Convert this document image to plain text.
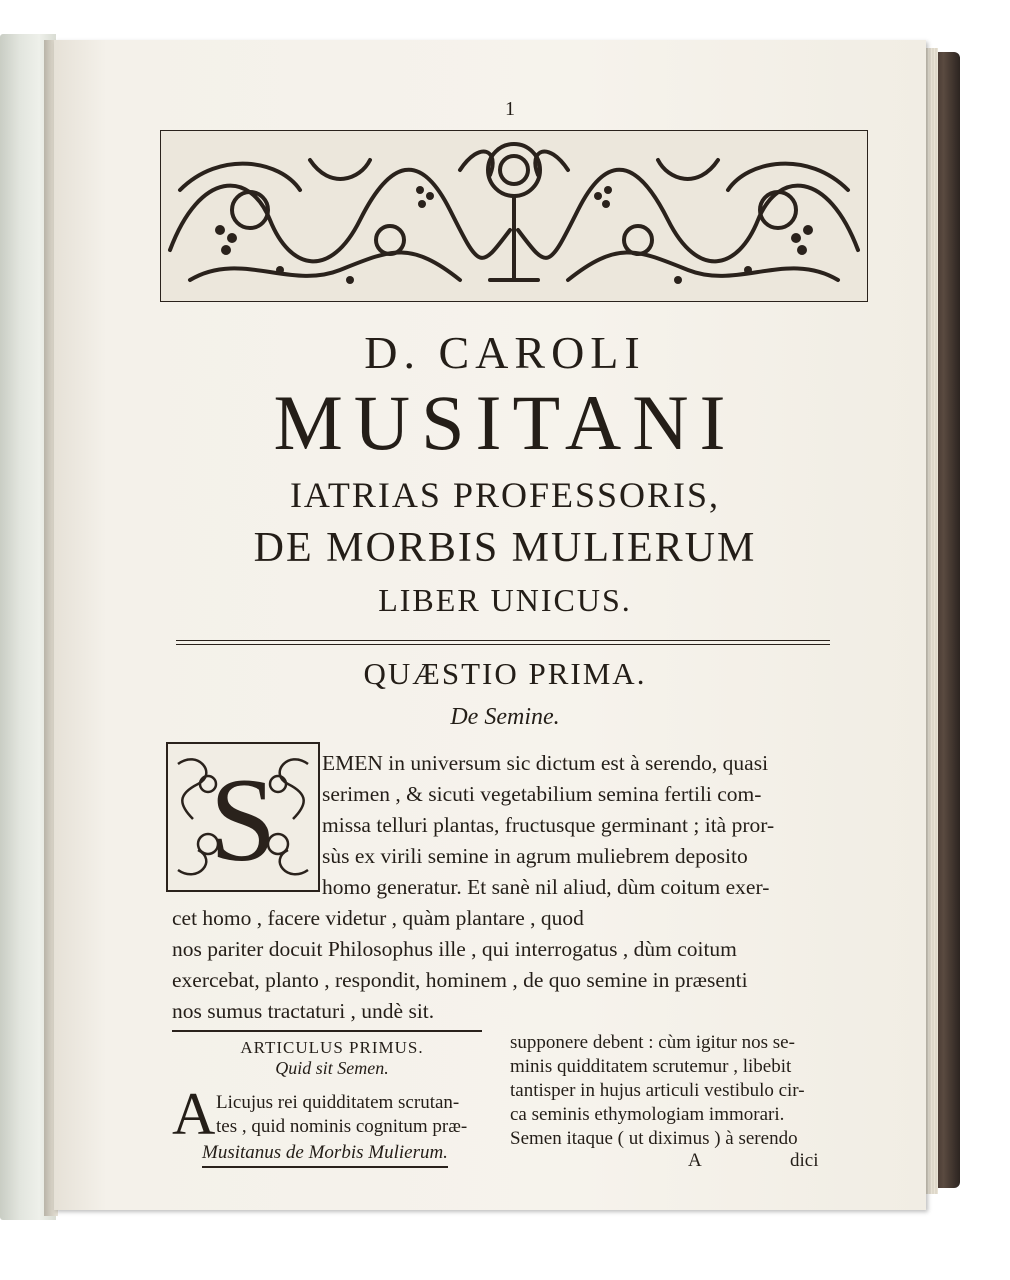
1
D. CAROLI
MUSITANI
IATRIAS PROFESSORIS,
DE MORBIS MULIERUM
LIBER UNICUS.
QUÆSTIO PRIMA.
De Semine.
S EMEN in universum sic dictum est à serendo, quasi
serimen , & sicuti vegetabilium semina fertili com-
missa telluri plantas, fructusque germinant ; ità pror-
sùs ex virili semine in agrum muliebrem deposito
homo generatur. Et sanè nil aliud, dùm coitum exer-
cet homo , facere videtur , quàm plantare , quod
nos pariter docuit Philosophus ille , qui interrogatus , dùm coitum
exercebat, planto , respondit, hominem , de quo semine in præsenti
ARTICULUS PRIMUS.
Quid sit Semen.
A Licujus rei quidditatem scrutan-
tes , quid nominis cognitum præ-
Musitanus de Morbis Mulierum.
supponere debent : cùm igitur nos se-
minis quidditatem scrutemur , libebit
tantisper in hujus articuli vestibulo cir-
ca seminis ethymologiam immorari.
Semen itaque ( ut diximus ) à serendo
A	dici
nos sumus tractaturi , undè sit.
